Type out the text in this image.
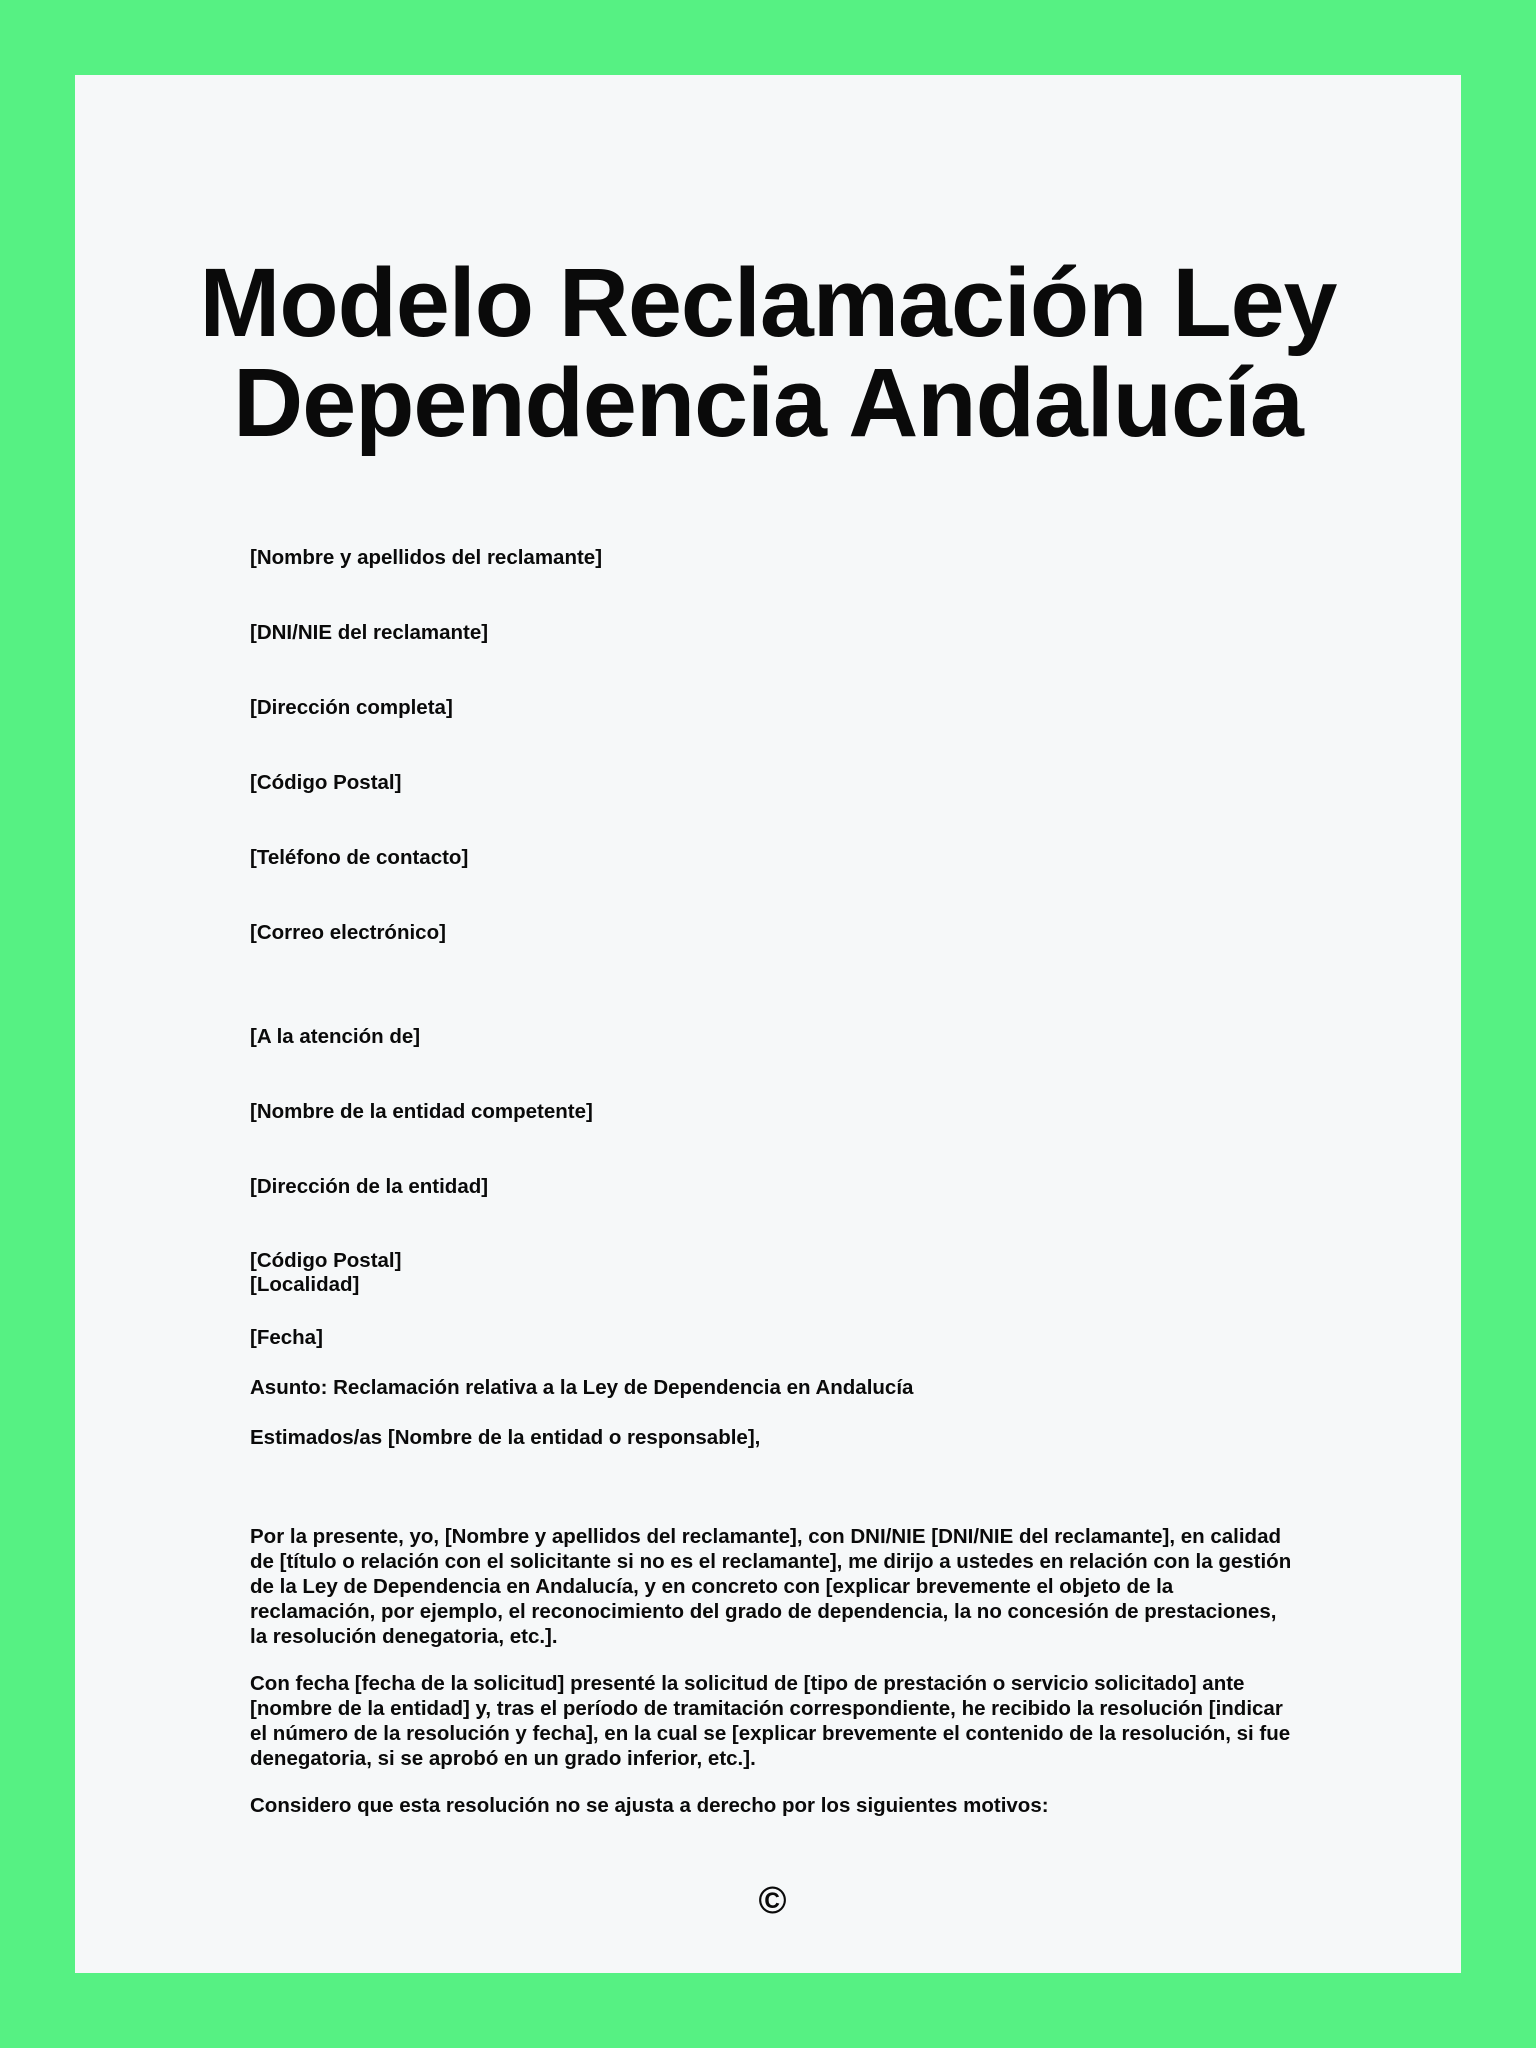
Modelo Reclamación Ley Dependencia Andalucía

[Nombre y apellidos del reclamante]

[DNI/NIE del reclamante]

[Dirección completa]

[Código Postal]

[Teléfono de contacto]

[Correo electrónico]

[A la atención de]

[Nombre de la entidad competente]

[Dirección de la entidad]

[Código Postal]
[Localidad]

[Fecha]

Asunto: Reclamación relativa a la Ley de Dependencia en Andalucía

Estimados/as [Nombre de la entidad o responsable],

Por la presente, yo, [Nombre y apellidos del reclamante], con DNI/NIE [DNI/NIE del reclamante], en calidad de [título o relación con el solicitante si no es el reclamante], me dirijo a ustedes en relación con la gestión de la Ley de Dependencia en Andalucía, y en concreto con [explicar brevemente el objeto de la reclamación, por ejemplo, el reconocimiento del grado de dependencia, la no concesión de prestaciones, la resolución denegatoria, etc.].

Con fecha [fecha de la solicitud] presenté la solicitud de [tipo de prestación o servicio solicitado] ante [nombre de la entidad] y, tras el período de tramitación correspondiente, he recibido la resolución [indicar el número de la resolución y fecha], en la cual se [explicar brevemente el contenido de la resolución, si fue denegatoria, si se aprobó en un grado inferior, etc.].

Considero que esta resolución no se ajusta a derecho por los siguientes motivos:

©
